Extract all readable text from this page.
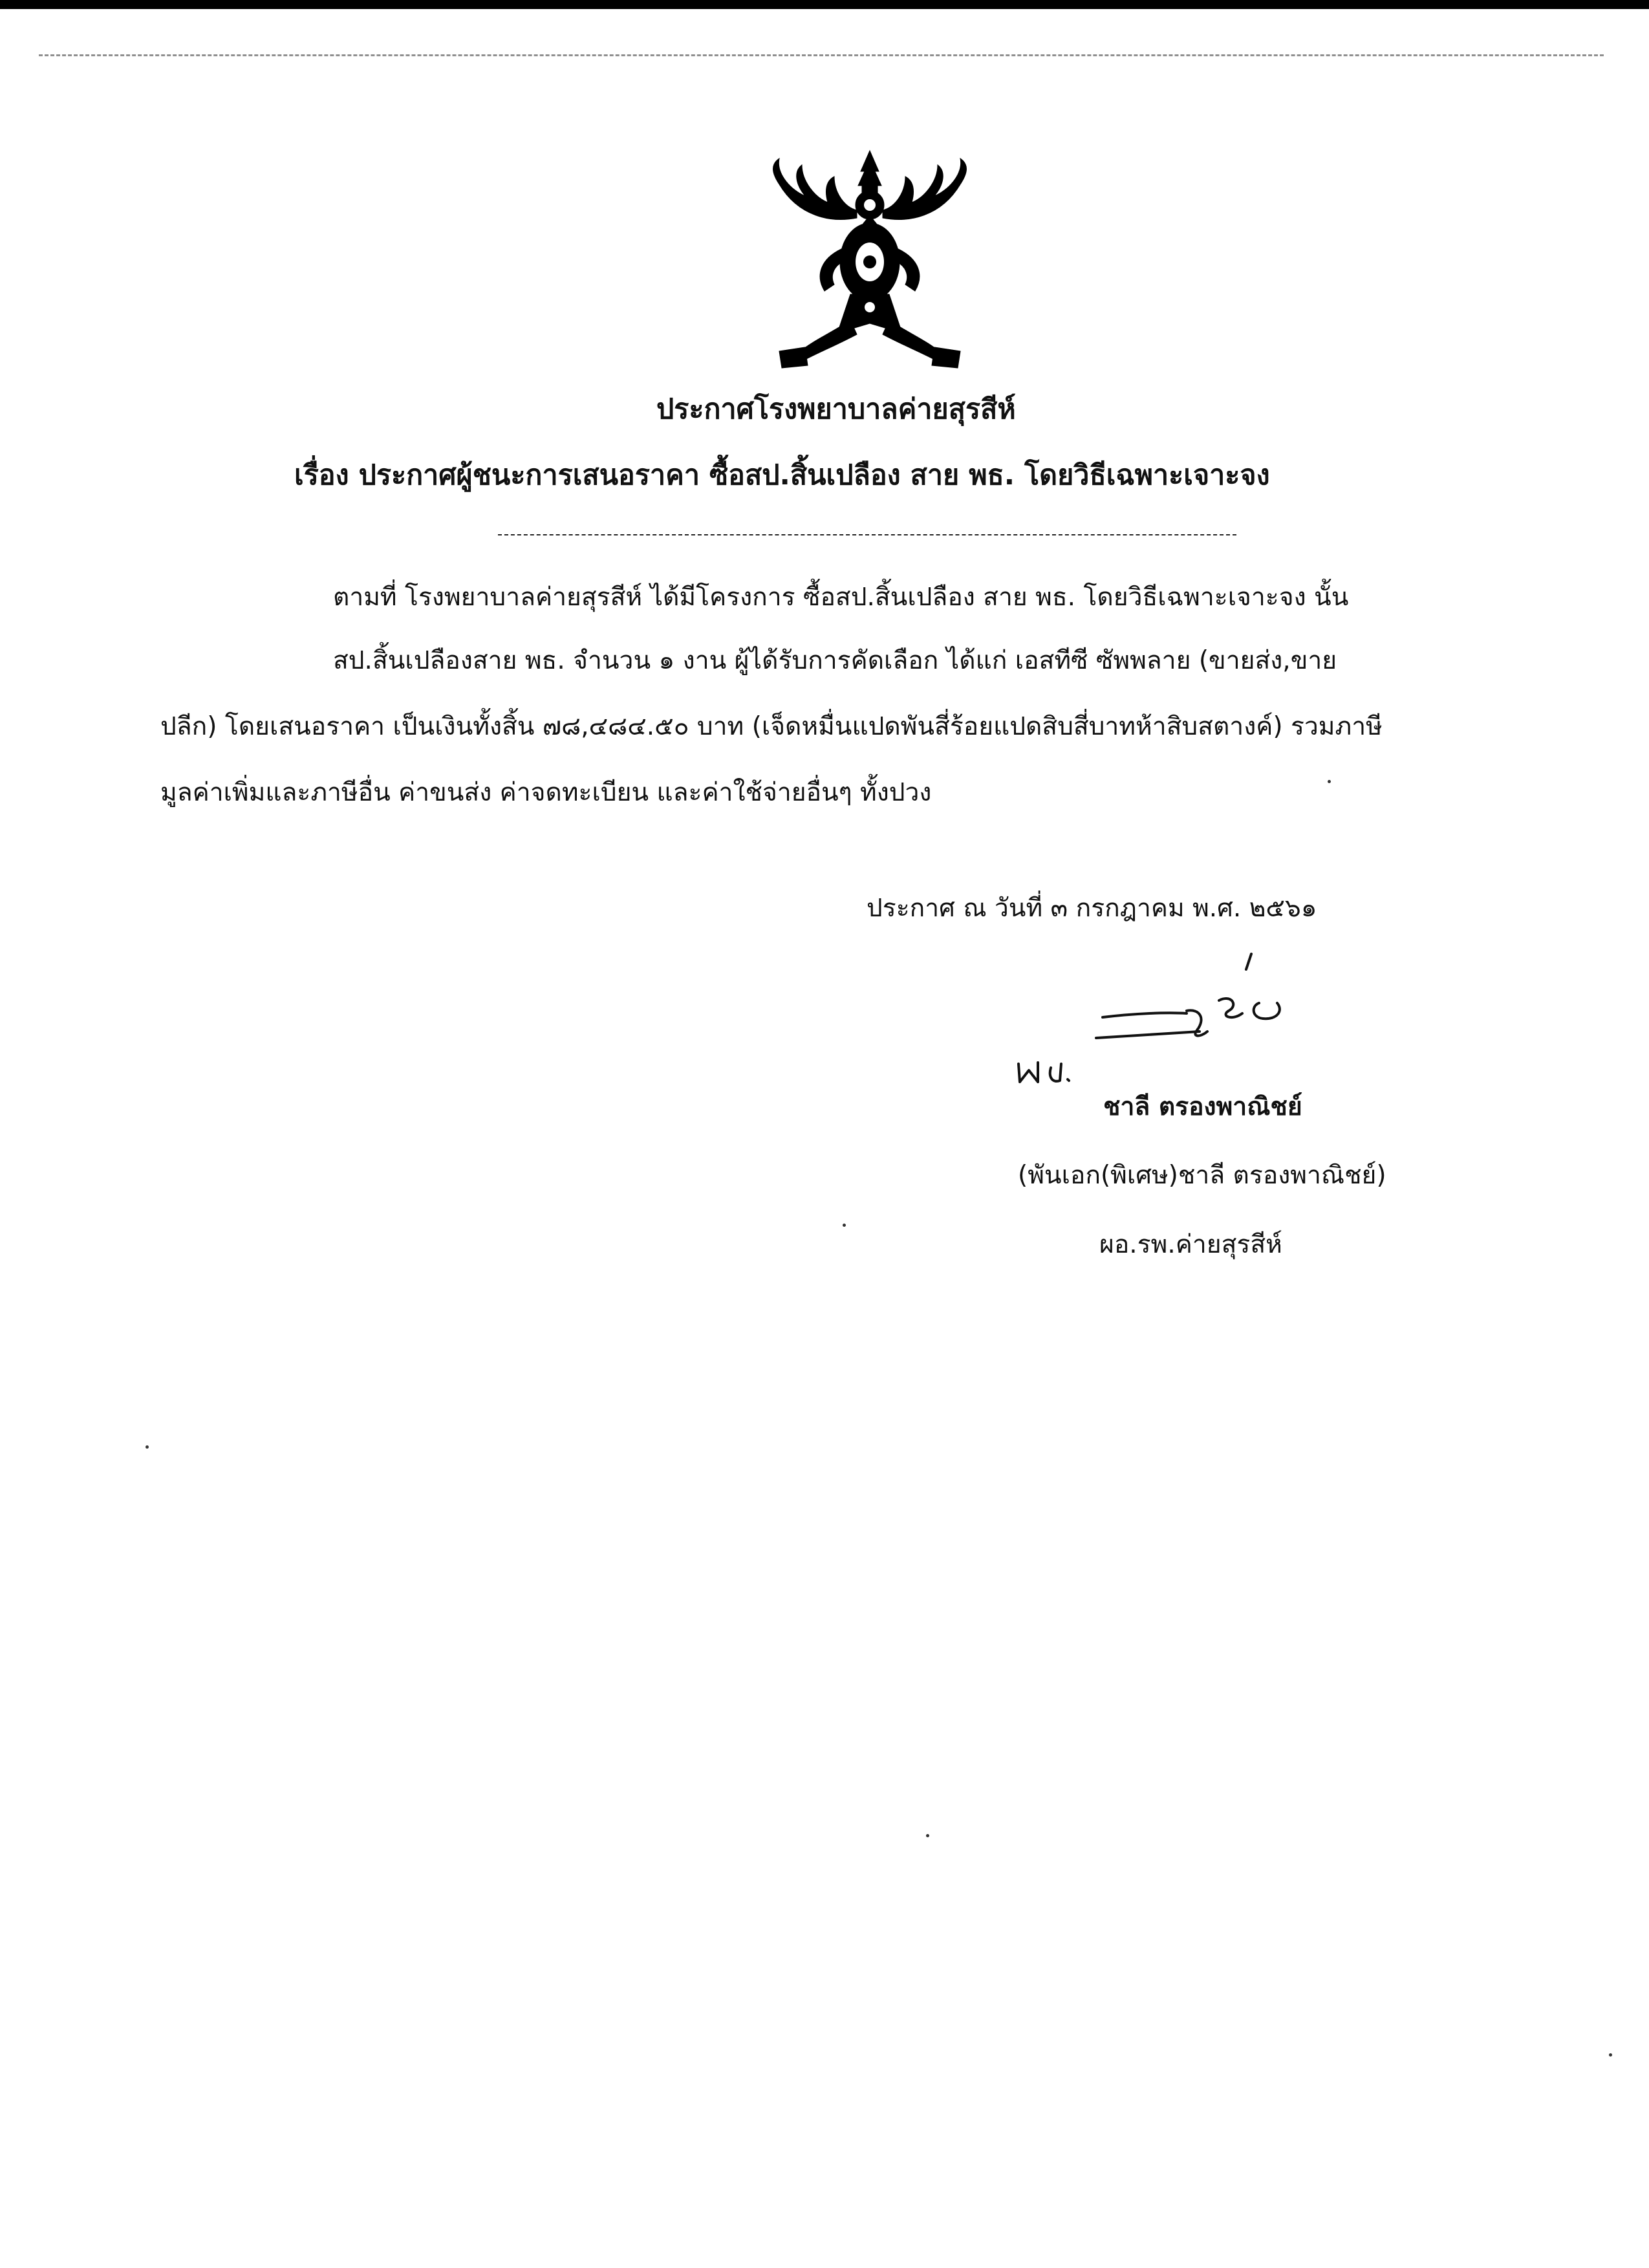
ประกาศโรงพยาบาลค่ายสุรสีห์

เรื่อง ประกาศผู้ชนะการเสนอราคา ซื้อสป.สิ้นเปลือง สาย พธ. โดยวิธีเฉพาะเจาะจง

ตามที่ โรงพยาบาลค่ายสุรสีห์ ได้มีโครงการ ซื้อสป.สิ้นเปลือง สาย พธ. โดยวิธีเฉพาะเจาะจง นั้น

สป.สิ้นเปลืองสาย พธ. จำนวน ๑ งาน ผู้ได้รับการคัดเลือก ได้แก่ เอสทีซี ซัพพลาย (ขายส่ง,ขาย

ปลีก) โดยเสนอราคา เป็นเงินทั้งสิ้น ๗๘,๔๘๔.๕๐ บาท (เจ็ดหมื่นแปดพันสี่ร้อยแปดสิบสี่บาทห้าสิบสตางค์) รวมภาษี

มูลค่าเพิ่มและภาษีอื่น ค่าขนส่ง ค่าจดทะเบียน และค่าใช้จ่ายอื่นๆ ทั้งปวง

ประกาศ ณ วันที่ ๓ กรกฎาคม พ.ศ. ๒๕๖๑

ชาลี ตรองพาณิชย์

(พันเอก(พิเศษ)ชาลี ตรองพาณิชย์)

ผอ.รพ.ค่ายสุรสีห์
